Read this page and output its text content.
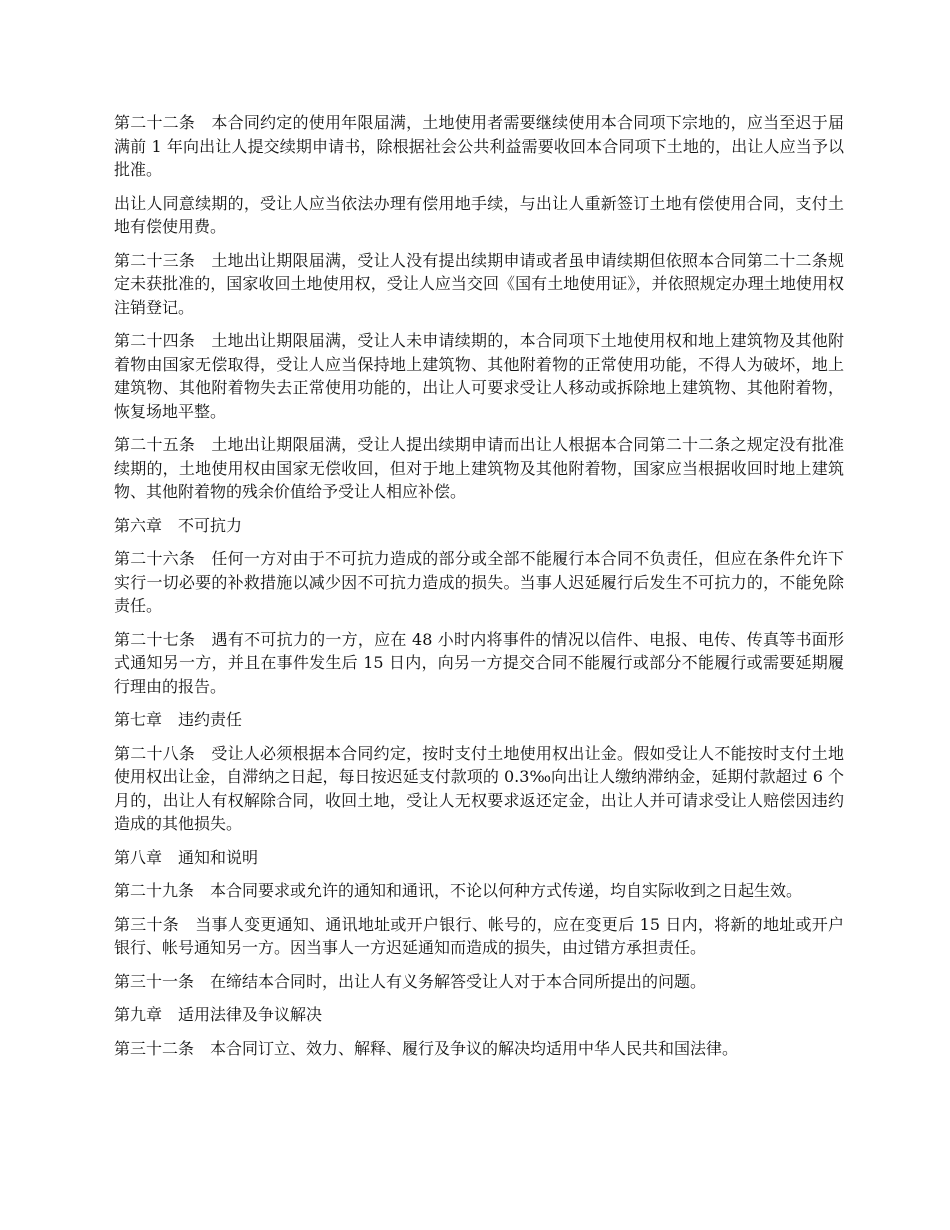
第二十二条　本合同约定的使用年限届满，土地使用者需要继续使用本合同项下宗地的，应当至迟于届满前 1 年向出让人提交续期申请书，除根据社会公共利益需要收回本合同项下土地的，出让人应当予以批准。

出让人同意续期的，受让人应当依法办理有偿用地手续，与出让人重新签订土地有偿使用合同，支付土地有偿使用费。

第二十三条　土地出让期限届满，受让人没有提出续期申请或者虽申请续期但依照本合同第二十二条规定未获批准的，国家收回土地使用权，受让人应当交回《国有土地使用证》，并依照规定办理土地使用权注销登记。

第二十四条　土地出让期限届满，受让人未申请续期的，本合同项下土地使用权和地上建筑物及其他附着物由国家无偿取得，受让人应当保持地上建筑物、其他附着物的正常使用功能，不得人为破坏，地上建筑物、其他附着物失去正常使用功能的，出让人可要求受让人移动或拆除地上建筑物、其他附着物，恢复场地平整。

第二十五条　土地出让期限届满，受让人提出续期申请而出让人根据本合同第二十二条之规定没有批准续期的，土地使用权由国家无偿收回，但对于地上建筑物及其他附着物，国家应当根据收回时地上建筑物、其他附着物的残余价值给予受让人相应补偿。

第六章　不可抗力

第二十六条　任何一方对由于不可抗力造成的部分或全部不能履行本合同不负责任，但应在条件允许下实行一切必要的补救措施以减少因不可抗力造成的损失。当事人迟延履行后发生不可抗力的，不能免除责任。

第二十七条　遇有不可抗力的一方，应在 48 小时内将事件的情况以信件、电报、电传、传真等书面形式通知另一方，并且在事件发生后 15 日内，向另一方提交合同不能履行或部分不能履行或需要延期履行理由的报告。

第七章　违约责任

第二十八条　受让人必须根据本合同约定，按时支付土地使用权出让金。假如受让人不能按时支付土地使用权出让金，自滞纳之日起，每日按迟延支付款项的 0.3‰向出让人缴纳滞纳金，延期付款超过 6 个月的，出让人有权解除合同，收回土地，受让人无权要求返还定金，出让人并可请求受让人赔偿因违约造成的其他损失。

第八章　通知和说明

第二十九条　本合同要求或允许的通知和通讯，不论以何种方式传递，均自实际收到之日起生效。

第三十条　当事人变更通知、通讯地址或开户银行、帐号的，应在变更后 15 日内，将新的地址或开户银行、帐号通知另一方。因当事人一方迟延通知而造成的损失，由过错方承担责任。

第三十一条　在缔结本合同时，出让人有义务解答受让人对于本合同所提出的问题。

第九章　适用法律及争议解决

第三十二条　本合同订立、效力、解释、履行及争议的解决均适用中华人民共和国法律。
